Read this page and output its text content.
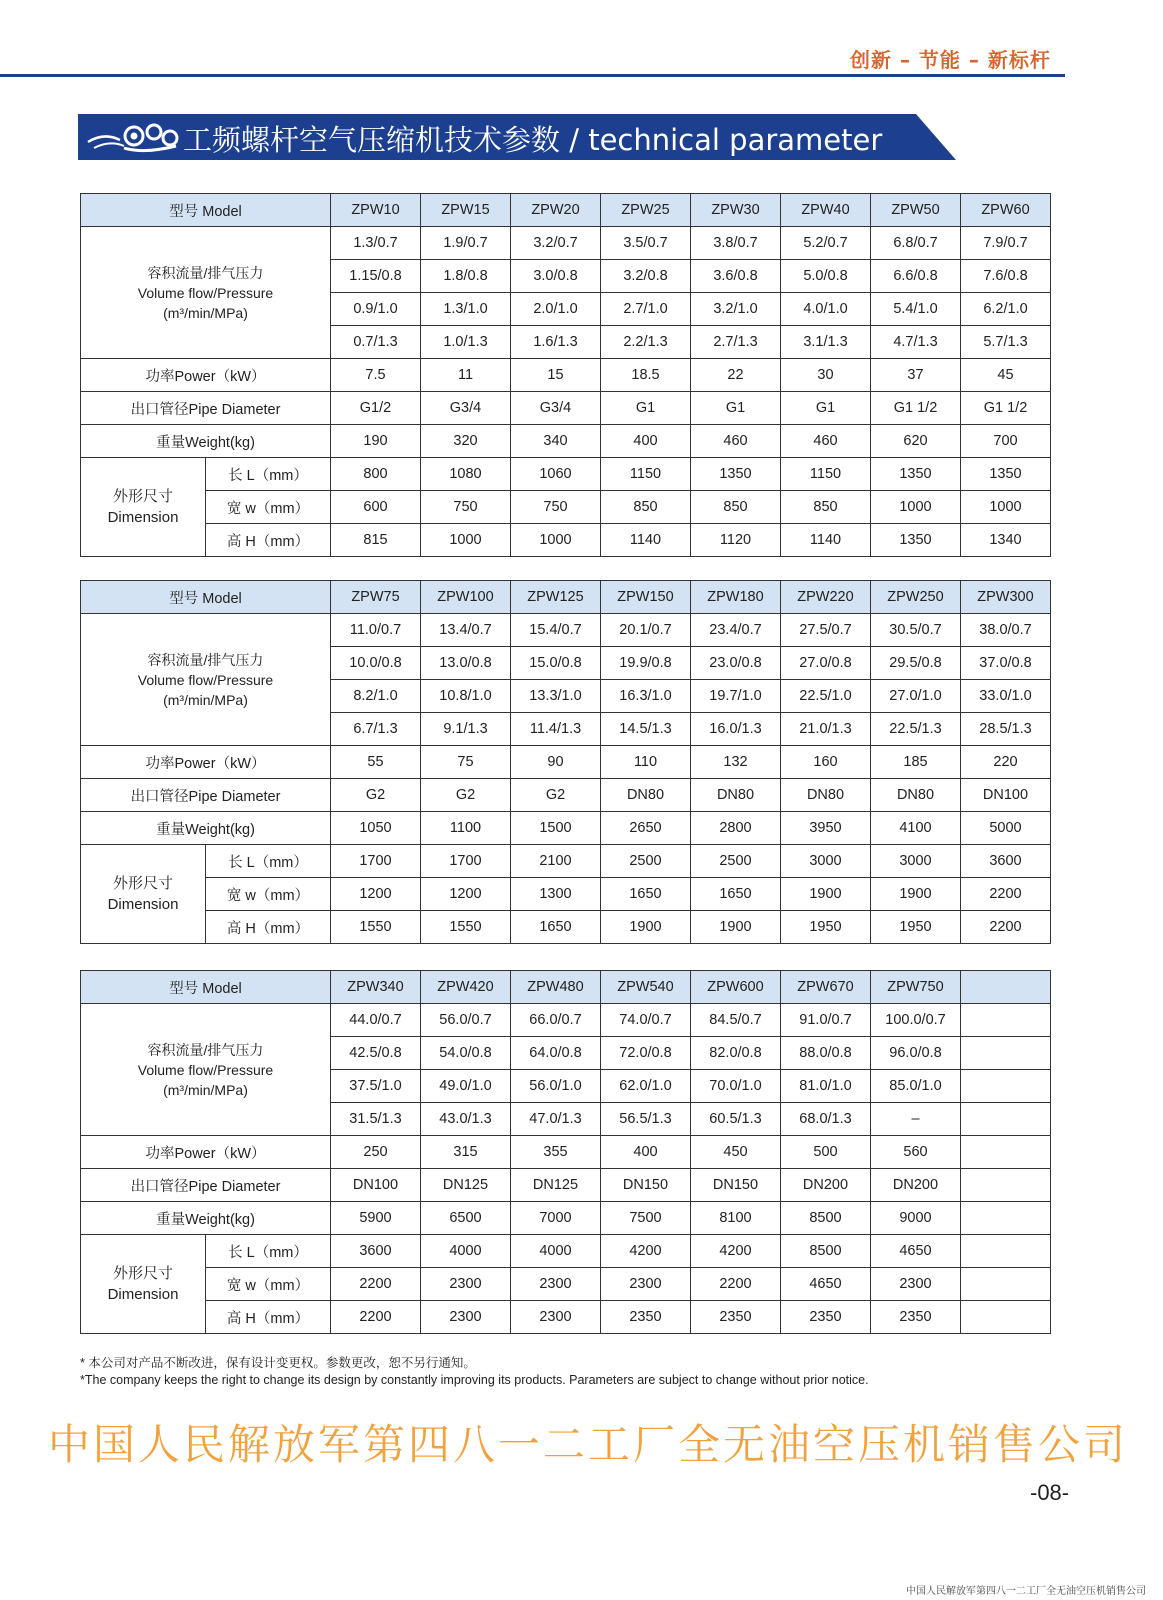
创新 – 节能 – 新标杆
工频螺杆空气压缩机技术参数 / technical parameter
型号 Model		ZPW10	ZPW15	ZPW20	ZPW25	ZPW30	ZPW40	ZPW50	ZPW60
容积流量/排气压力
Volume flow/Pressure
(m³/min/MPa)		1.3/0.7	1.9/0.7	3.2/0.7	3.5/0.7	3.8/0.7	5.2/0.7	6.8/0.7	7.9/0.7
		1.15/0.8	1.8/0.8	3.0/0.8	3.2/0.8	3.6/0.8	5.0/0.8	6.6/0.8	7.6/0.8
		0.9/1.0	1.3/1.0	2.0/1.0	2.7/1.0	3.2/1.0	4.0/1.0	5.4/1.0	6.2/1.0
		0.7/1.3	1.0/1.3	1.6/1.3	2.2/1.3	2.7/1.3	3.1/1.3	4.7/1.3	5.7/1.3
功率Power（kW）		7.5	11	15	18.5	22	30	37	45
出口管径Pipe Diameter		G1/2	G3/4	G3/4	G1	G1	G1	G1 1/2	G1 1/2
重量Weight(kg)		190	320	340	400	460	460	620	700
外形尺寸
Dimension	长 L（mm）	800	1080	1060	1150	1350	1150	1350	1350
	宽 w（mm）	600	750	750	850	850	850	1000	1000
	高 H（mm）	815	1000	1000	1140	1120	1140	1350	1340
型号 Model		ZPW75	ZPW100	ZPW125	ZPW150	ZPW180	ZPW220	ZPW250	ZPW300
容积流量/排气压力
Volume flow/Pressure
(m³/min/MPa)		11.0/0.7	13.4/0.7	15.4/0.7	20.1/0.7	23.4/0.7	27.5/0.7	30.5/0.7	38.0/0.7
		10.0/0.8	13.0/0.8	15.0/0.8	19.9/0.8	23.0/0.8	27.0/0.8	29.5/0.8	37.0/0.8
		8.2/1.0	10.8/1.0	13.3/1.0	16.3/1.0	19.7/1.0	22.5/1.0	27.0/1.0	33.0/1.0
		6.7/1.3	9.1/1.3	11.4/1.3	14.5/1.3	16.0/1.3	21.0/1.3	22.5/1.3	28.5/1.3
功率Power（kW）		55	75	90	110	132	160	185	220
出口管径Pipe Diameter		G2	G2	G2	DN80	DN80	DN80	DN80	DN100
重量Weight(kg)		1050	1100	1500	2650	2800	3950	4100	5000
外形尺寸
Dimension	长 L（mm）	1700	1700	2100	2500	2500	3000	3000	3600
	宽 w（mm）	1200	1200	1300	1650	1650	1900	1900	2200
	高 H（mm）	1550	1550	1650	1900	1900	1950	1950	2200
型号 Model		ZPW340	ZPW420	ZPW480	ZPW540	ZPW600	ZPW670	ZPW750	
容积流量/排气压力
Volume flow/Pressure
(m³/min/MPa)		44.0/0.7	56.0/0.7	66.0/0.7	74.0/0.7	84.5/0.7	91.0/0.7	100.0/0.7	
		42.5/0.8	54.0/0.8	64.0/0.8	72.0/0.8	82.0/0.8	88.0/0.8	96.0/0.8	
		37.5/1.0	49.0/1.0	56.0/1.0	62.0/1.0	70.0/1.0	81.0/1.0	85.0/1.0	
		31.5/1.3	43.0/1.3	47.0/1.3	56.5/1.3	60.5/1.3	68.0/1.3	–	
功率Power（kW）		250	315	355	400	450	500	560	
出口管径Pipe Diameter		DN100	DN125	DN125	DN150	DN150	DN200	DN200	
重量Weight(kg)		5900	6500	7000	7500	8100	8500	9000	
外形尺寸
Dimension	长 L（mm）	3600	4000	4000	4200	4200	8500	4650	
	宽 w（mm）	2200	2300	2300	2300	2200	4650	2300	
	高 H（mm）	2200	2300	2300	2350	2350	2350	2350	
* 本公司对产品不断改进，保有设计变更权。参数更改，恕不另行通知。
*The company keeps the right to change its design by constantly improving its products. Parameters are subject to change without prior notice.
中国人民解放军第四八一二工厂全无油空压机销售公司
-08-
中国人民解放军第四八一二工厂全无油空压机销售公司
